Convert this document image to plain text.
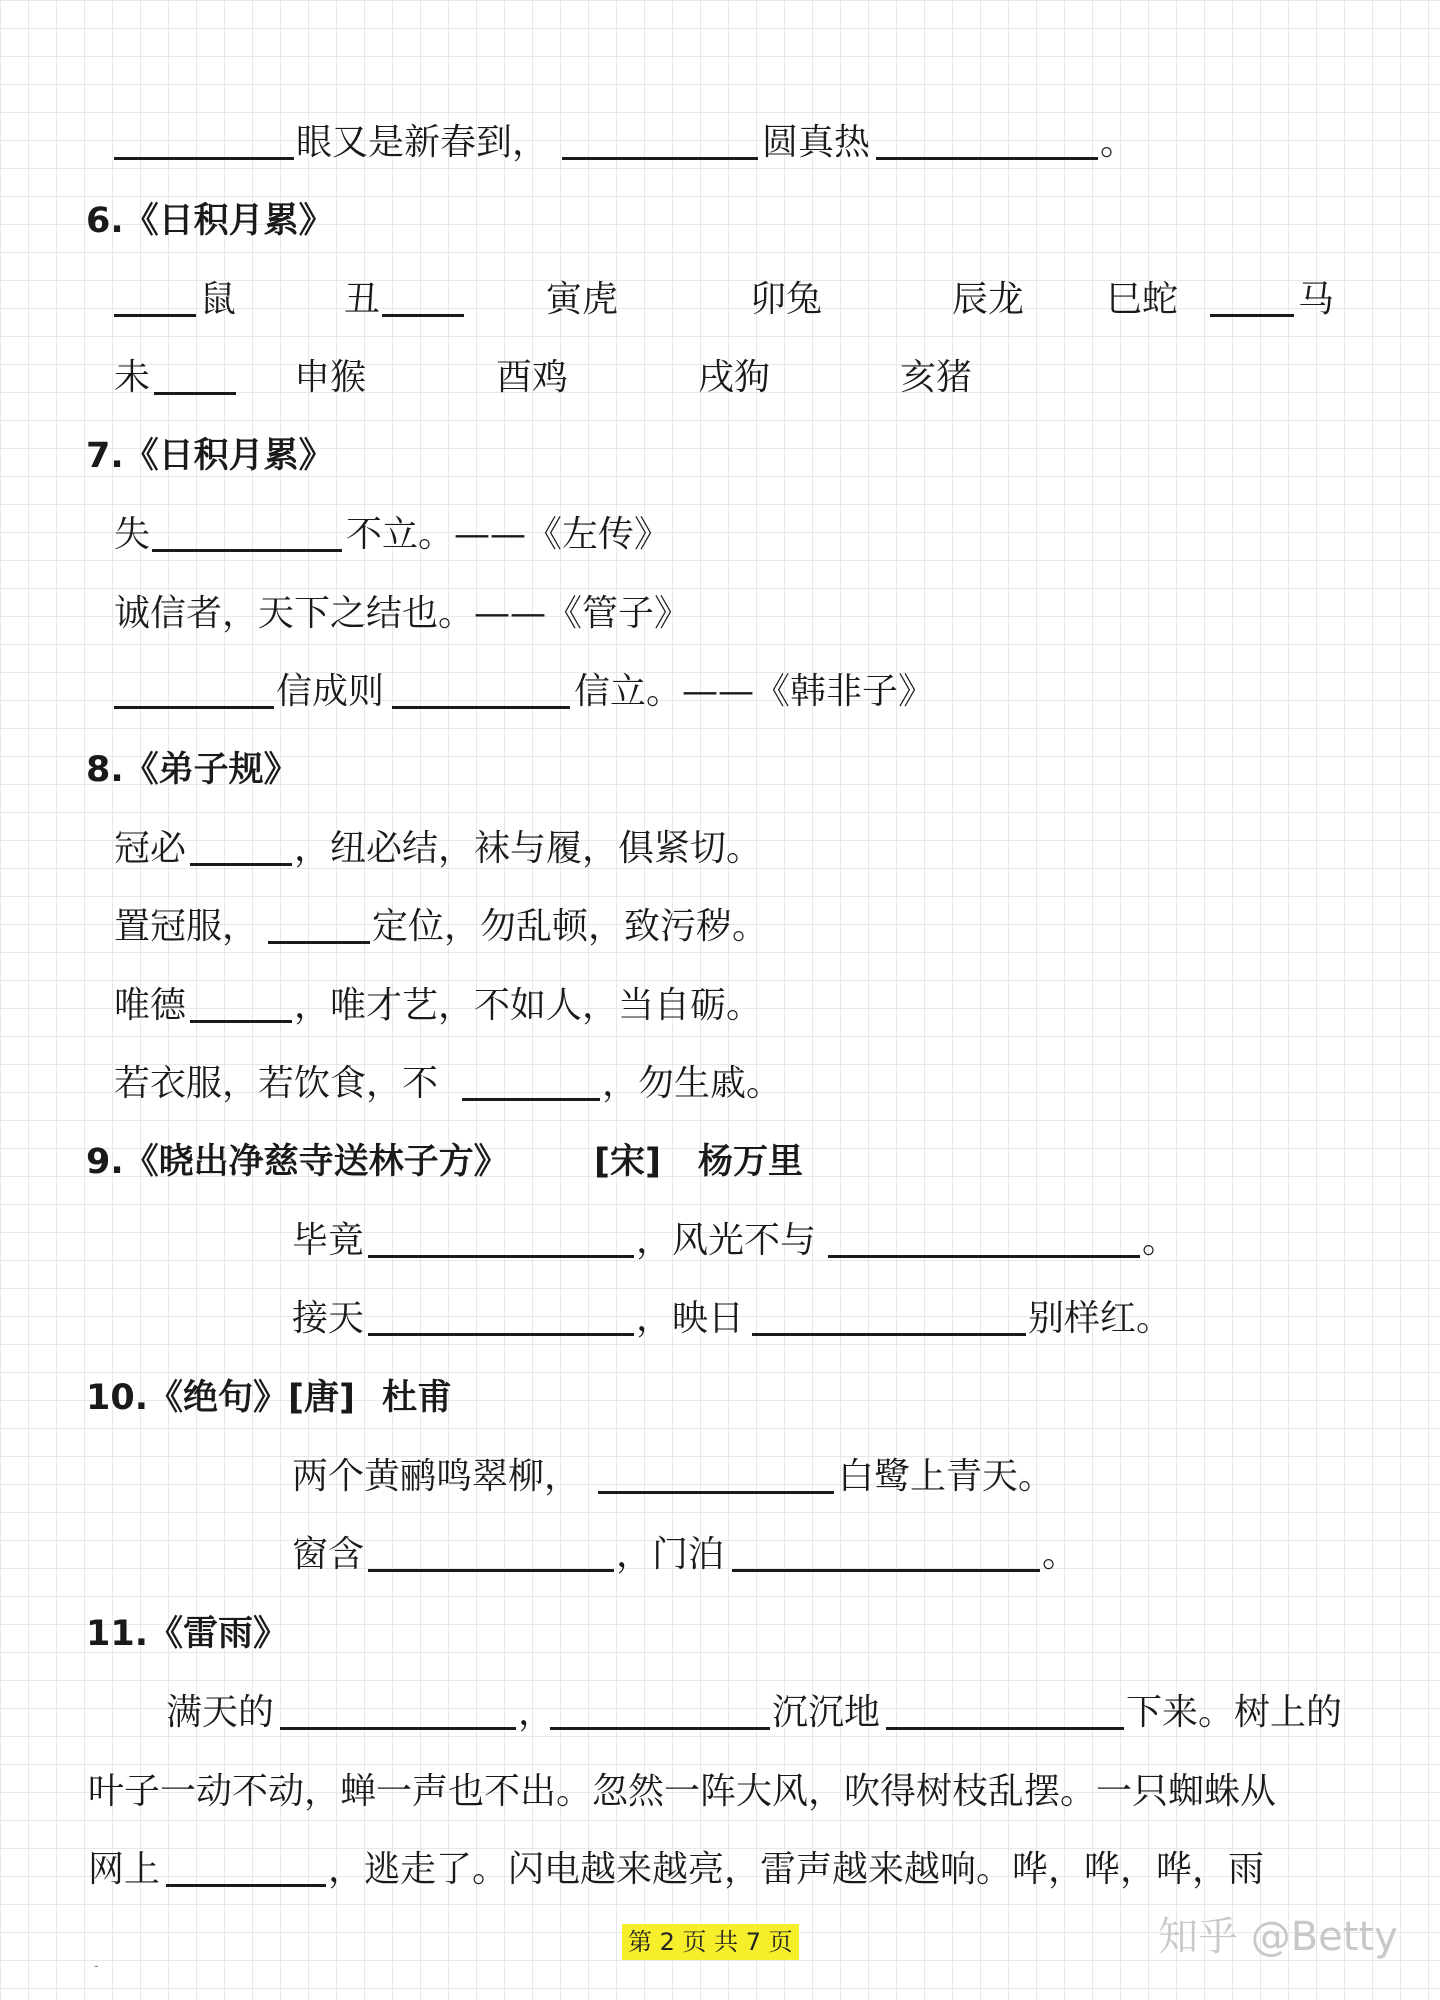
眼又是新春到，	圆真热	。
6.《日积月累》
鼠	丑	寅虎	卯兔	辰龙 巳蛇	马
未	申猴	酉鸡	戌狗	亥猪
7.《日积月累》
失	不立。——《左传》
诚信者，天下之结也。——《管子》
信成则	信立。——《韩非子》
8.《弟子规》
冠必	，纽必结，袜与履，俱紧切。
置冠服，	定位，勿乱顿，致污秽。
唯德	，唯才艺，不如人，当自砺。
若衣服，若饮食，不	，勿生戚。
9.《晓出净慈寺送林子方》 [宋] 杨万里
毕竟	，风光不与	。
接天	，映日	别样红。
10.《绝句》[唐] 杜甫
两个黄鹂鸣翠柳，	白鹭上青天。
窗含	，门泊	。
11.《雷雨》
满天的	，	沉沉地	下来。树上的
叶子一动不动，蝉一声也不出。忽然一阵大风，吹得树枝乱摆。一只蜘蛛从
网上	，逃走了。闪电越来越亮，雷声越来越响。哗，哗，哗，雨
第 2 页 共 7 页	知乎 @Betty
-
